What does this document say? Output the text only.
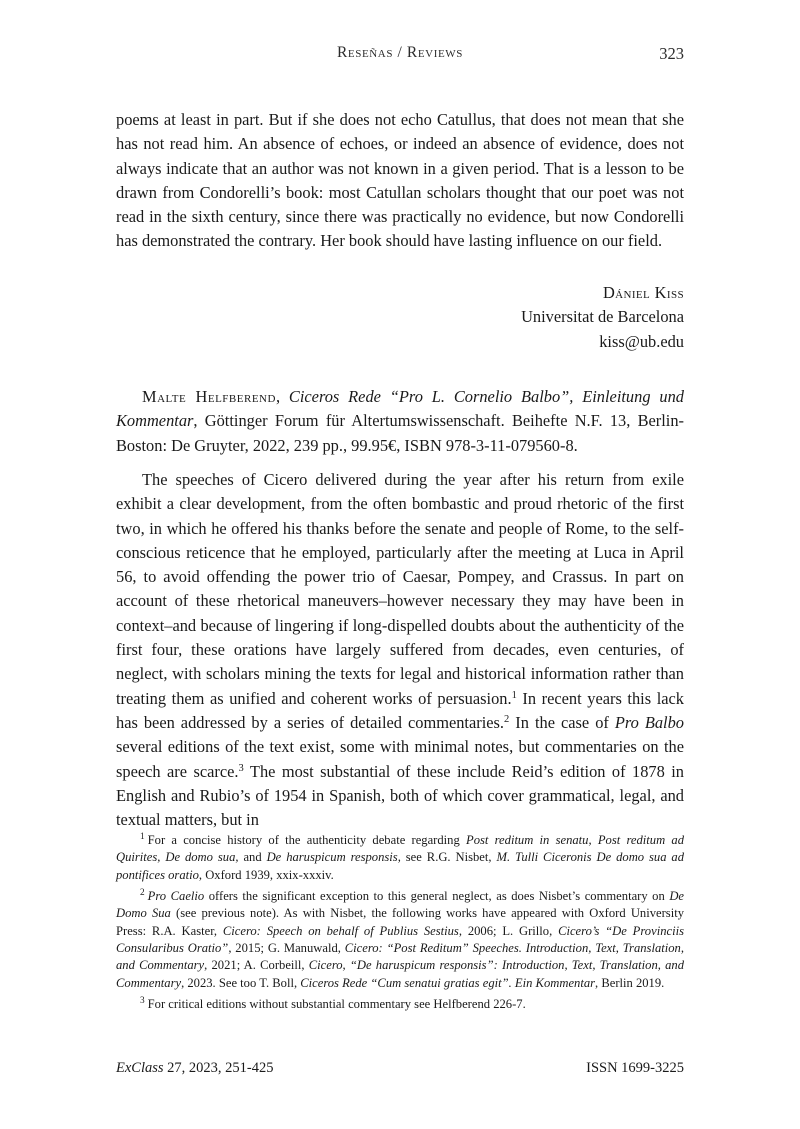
Reseñas / Reviews	323
poems at least in part. But if she does not echo Catullus, that does not mean that she has not read him. An absence of echoes, or indeed an absence of evidence, does not always indicate that an author was not known in a given period. That is a lesson to be drawn from Condorelli’s book: most Catullan scholars thought that our poet was not read in the sixth century, since there was practically no evidence, but now Condorelli has demonstrated the contrary. Her book should have lasting influence on our field.
Dániel Kiss
Universitat de Barcelona
kiss@ub.edu
Malte Helfberend, Ciceros Rede “Pro L. Cornelio Balbo”, Einleitung und Kommentar, Göttinger Forum für Altertumswissenschaft. Beihefte N.F. 13, Berlin-Boston: De Gruyter, 2022, 239 pp., 99.95€, ISBN 978-3-11-079560-8.
The speeches of Cicero delivered during the year after his return from exile exhibit a clear development, from the often bombastic and proud rhetoric of the first two, in which he offered his thanks before the senate and people of Rome, to the self-conscious reticence that he employed, particularly after the meeting at Luca in April 56, to avoid offending the power trio of Caesar, Pompey, and Crassus. In part on account of these rhetorical maneuvers–however necessary they may have been in context–and because of lingering if long-dispelled doubts about the authenticity of the first four, these orations have largely suffered from decades, even centuries, of neglect, with scholars mining the texts for legal and historical information rather than treating them as unified and coherent works of persuasion.$^1$ In recent years this lack has been addressed by a series of detailed commentaries.$^2$ In the case of Pro Balbo several editions of the text exist, some with minimal notes, but commentaries on the speech are scarce.$^3$ The most substantial of these include Reid’s edition of 1878 in English and Rubio’s of 1954 in Spanish, both of which cover grammatical, legal, and textual matters, but in

$^1$ For a concise history of the authenticity debate regarding Post reditum in senatu, Post reditum ad Quirites, De domo sua, and De haruspicum responsis, see R.G. Nisbet, M. Tulli Ciceronis De domo sua ad pontifices oratio, Oxford 1939, xxix-xxxiv.

$^2$ Pro Caelio offers the significant exception to this general neglect, as does Nisbet’s commentary on De Domo Sua (see previous note). As with Nisbet, the following works have appeared with Oxford University Press: R.A. Kaster, Cicero: Speech on behalf of Publius Sestius, 2006; L. Grillo, Cicero’s “De Provinciis Consularibus Oratio”, 2015; G. Manuwald, Cicero: “Post Reditum” Speeches. Introduction, Text, Translation, and Commentary, 2021; A. Corbeill, Cicero, “De haruspicum responsis”: Introduction, Text, Translation, and Commentary, 2023. See too T. Boll, Ciceros Rede “Cum senatui gratias egit”. Ein Kommentar, Berlin 2019.

$^3$ For critical editions without substantial commentary see Helfberend 226-7.

ExClass 27, 2023, 251-425	ISSN 1699-3225
